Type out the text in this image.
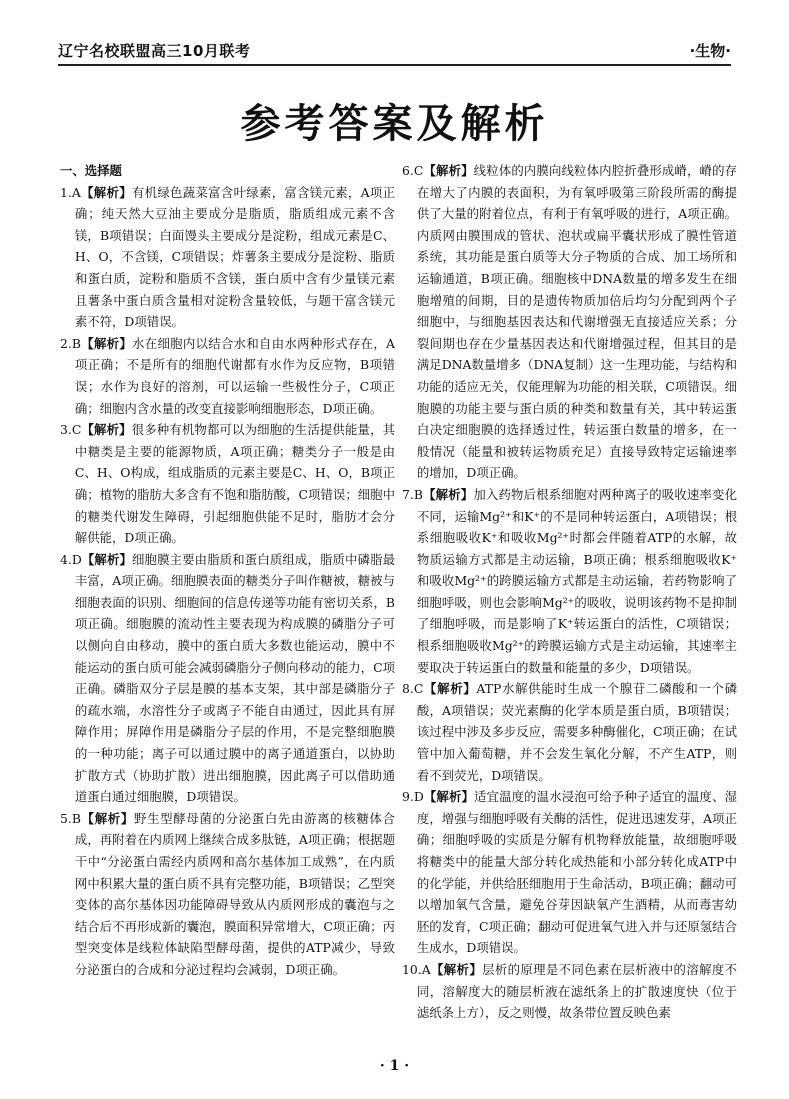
辽宁名校联盟高三10月联考	·生物·
参考答案及解析
一、选择题

1.A【解析】有机绿色蔬菜富含叶绿素，富含镁元素，A项正确；纯天然大豆油主要成分是脂质，脂质组成元素不含镁，B项错误；白面馒头主要成分是淀粉，组成元素是C、H、O，不含镁，C项错误；炸薯条主要成分是淀粉、脂质和蛋白质，淀粉和脂质不含镁，蛋白质中含有少量镁元素且薯条中蛋白质含量相对淀粉含量较低，与题干富含镁元素不符，D项错误。

2.B【解析】水在细胞内以结合水和自由水两种形式存在，A项正确；不是所有的细胞代谢都有水作为反应物，B项错误；水作为良好的溶剂，可以运输一些极性分子，C项正确；细胞内含水量的改变直接影响细胞形态，D项正确。

3.C【解析】很多种有机物都可以为细胞的生活提供能量，其中糖类是主要的能源物质，A项正确；糖类分子一般是由C、H、O构成，组成脂质的元素主要是C、H、O，B项正确；植物的脂肪大多含有不饱和脂肪酸，C项错误；细胞中的糖类代谢发生障碍，引起细胞供能不足时，脂肪才会分解供能，D项正确。

4.D【解析】细胞膜主要由脂质和蛋白质组成，脂质中磷脂最丰富，A项正确。细胞膜表面的糖类分子叫作糖被，糖被与细胞表面的识别、细胞间的信息传递等功能有密切关系，B项正确。细胞膜的流动性主要表现为构成膜的磷脂分子可以侧向自由移动，膜中的蛋白质大多数也能运动，膜中不能运动的蛋白质可能会减弱磷脂分子侧向移动的能力，C项正确。磷脂双分子层是膜的基本支架，其中部是磷脂分子的疏水端，水溶性分子或离子不能自由通过，因此具有屏障作用；屏障作用是磷脂分子层的作用，不是完整细胞膜的一种功能；离子可以通过膜中的离子通道蛋白，以协助扩散方式（协助扩散）进出细胞膜，因此离子可以借助通道蛋白通过细胞膜，D项错误。

5.B【解析】野生型酵母菌的分泌蛋白先由游离的核糖体合成，再附着在内质网上继续合成多肽链，A项正确；根据题干中“分泌蛋白需经内质网和高尔基体加工成熟”，在内质网中积累大量的蛋白质不具有完整功能，B项错误；乙型突变体的高尔基体因功能障碍导致从内质网形成的囊泡与之结合后不再形成新的囊泡，膜面积异常增大，C项正确；丙型突变体是线粒体缺陷型酵母菌，提供的ATP减少，导致分泌蛋白的合成和分泌过程均会减弱，D项正确。

6.C【解析】线粒体的内膜向线粒体内腔折叠形成嵴，嵴的存在增大了内膜的表面积，为有氧呼吸第三阶段所需的酶提供了大量的附着位点，有利于有氧呼吸的进行，A项正确。内质网由膜围成的管状、泡状或扁平囊状形成了膜性管道系统，其功能是蛋白质等大分子物质的合成、加工场所和运输通道，B项正确。细胞核中DNA数量的增多发生在细胞增殖的间期，目的是遗传物质加倍后均匀分配到两个子细胞中，与细胞基因表达和代谢增强无直接适应关系；分裂间期也存在少量基因表达和代谢增强过程，但其目的是满足DNA数量增多（DNA复制）这一生理功能，与结构和功能的适应无关，仅能理解为功能的相关联，C项错误。细胞膜的功能主要与蛋白质的种类和数量有关，其中转运蛋白决定细胞膜的选择透过性，转运蛋白数量的增多，在一般情况（能量和被转运物质充足）直接导致特定运输速率的增加，D项正确。

7.B【解析】加入药物后根系细胞对两种离子的吸收速率变化不同，运输Mg²⁺和K⁺的不是同种转运蛋白，A项错误；根系细胞吸收K⁺和吸收Mg²⁺时都会伴随着ATP的水解，故物质运输方式都是主动运输，B项正确；根系细胞吸收K⁺和吸收Mg²⁺的跨膜运输方式都是主动运输，若药物影响了细胞呼吸，则也会影响Mg²⁺的吸收，说明该药物不是抑制了细胞呼吸，而是影响了K⁺转运蛋白的活性，C项错误；根系细胞吸收Mg²⁺的跨膜运输方式是主动运输，其速率主要取决于转运蛋白的数量和能量的多少，D项错误。

8.C【解析】ATP水解供能时生成一个腺苷二磷酸和一个磷酸，A项错误；荧光素酶的化学本质是蛋白质，B项错误；该过程中涉及多步反应，需要多种酶催化，C项正确；在试管中加入葡萄糖，并不会发生氧化分解，不产生ATP，则看不到荧光，D项错误。

9.D【解析】适宜温度的温水浸泡可给予种子适宜的温度、湿度，增强与细胞呼吸有关酶的活性，促进迅速发芽，A项正确；细胞呼吸的实质是分解有机物释放能量，故细胞呼吸将糖类中的能量大部分转化成热能和小部分转化成ATP中的化学能，并供给胚细胞用于生命活动，B项正确；翻动可以增加氧气含量，避免谷芽因缺氧产生酒精，从而毒害幼胚的发育，C项正确；翻动可促进氧气进入并与还原氢结合生成水，D项错误。

10.A【解析】层析的原理是不同色素在层析液中的溶解度不同，溶解度大的随层析液在滤纸条上的扩散速度快（位于滤纸条上方），反之则慢，故条带位置反映色素

· 1 ·
